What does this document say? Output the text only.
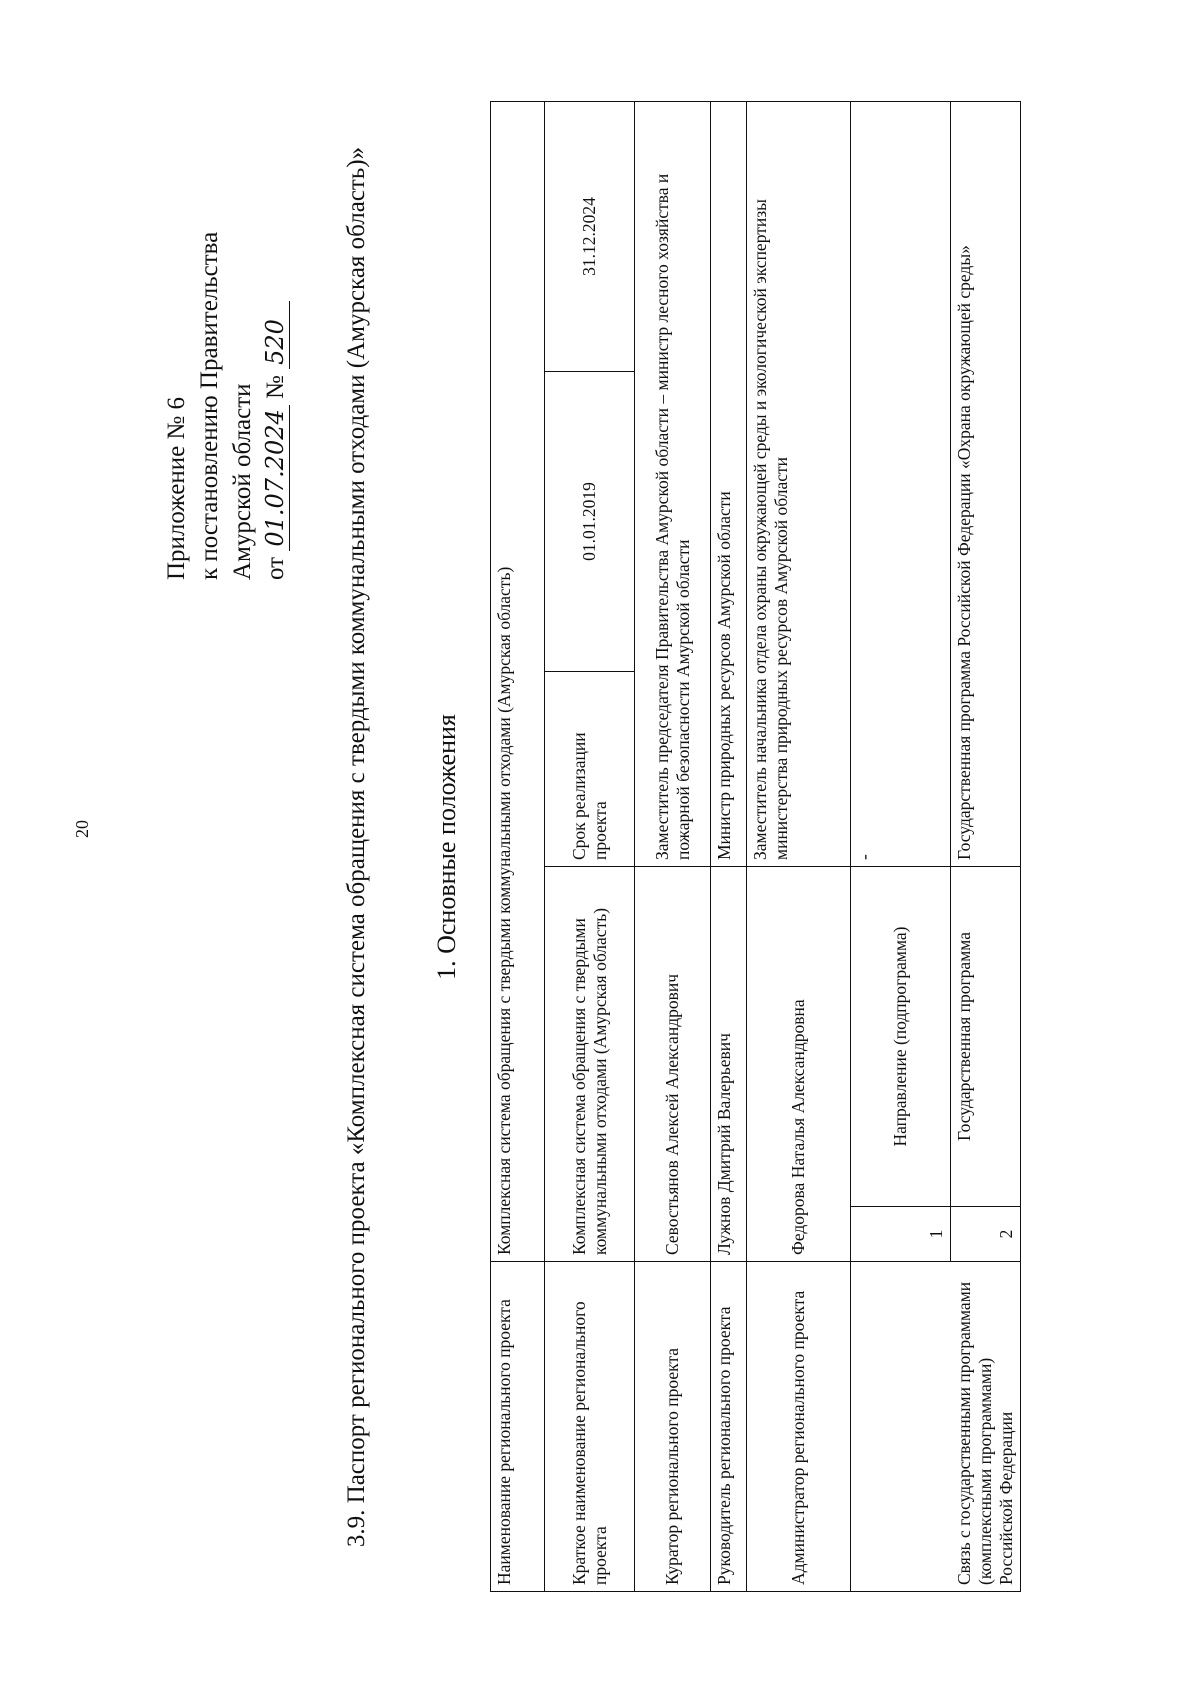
20
Приложение № 6 к постановлению Правительства Амурской области от 01.07.2024 № 520 3.9. Паспорт регионального проекта «Комплексная система обращения с твердыми коммунальными отходами (Амурская область)» 1. Основные положения
Наименование регионального проекта	Комплексная система обращения с твердыми коммунальными отходами (Амурская область)				
Краткое наименование регионального проекта	Комплексная система обращения с твердыми коммунальными отходами (Амурская область)		Срок реализации проекта	01.01.2019	31.12.2024
Куратор регионального проекта	Севостьянов Алексей Александрович		Заместитель председателя Правительства Амурской области – министр лесного хозяйства и пожарной безопасности Амурской области		
Руководитель регионального проекта	Лужнов Дмитрий Валерьевич		Министр природных ресурсов Амурской области		
Администратор регионального проекта	Федорова Наталья Александровна		Заместитель начальника отдела охраны окружающей среды и экологической экспертизы министерства природных ресурсов Амурской области		
Связь с государственными программами (комплексными программами) Российской Федерации	1	Направление (подпрограмма)	-		
	2	Государственная программа	Государственная программа Российской Федерации «Охрана окружающей среды»		
